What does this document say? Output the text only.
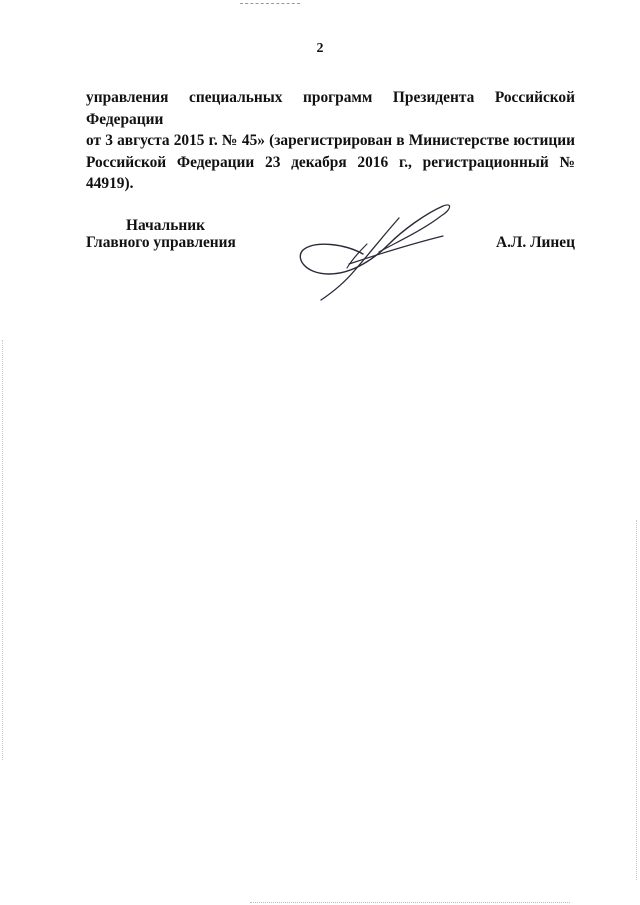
2
управления специальных программ Президента Российской Федерации
от 3 августа 2015 г. № 45» (зарегистрирован в Министерстве юстиции
Российской Федерации 23 декабря 2016 г., регистрационный № 44919).
Начальник
Главного управления	А.Л. Линец
